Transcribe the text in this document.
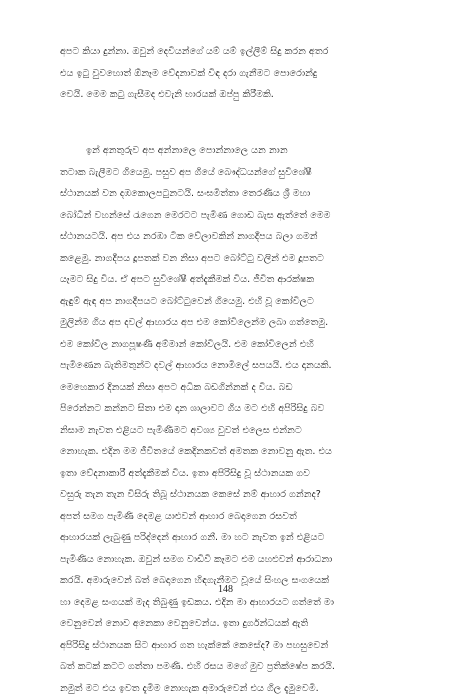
අපට කියා දුන්නා. ඔවුන් දෙවියන්ගේ යම් යම් ඉල්ලීම් සිදු කරන අතර
එය ඉටු වුවහොත් ඕනෑම වේදනාවක් විඳ දරා ගැනීමට පොරොන්දු
වෙයි. මෙම කටු ගැසීමද එවැනි භාරයක් ඔප්පු කිරීමකි.
ඉන් අනතුරුව අප අන්නාලෙ පොන්නාලෙ යන නාන
තටාක බැලීමට ගියෙමු. පසුව අප ගියේ බෞද්ධයන්ගේ සුවිශේෂී
ස්ථානයක් වන දඹකොලපටුනටයි. සංඝමිත්තා තෙරණිය ශ්‍රී මහා
බෝධින් වහන්සේ රැගෙන මෙරටට පැමිණ ගොඩ බැස ඇත්තේ මෙම
ස්ථානයටයි. අප එය නරඹා ටික වේලාවකින් නාගදීපය බලා ගමන්
කළෙමු. නාගදීපය දූපතක් වන නිසා අපට බෝට්ටු වලින් එම දූපතට
යෑමට සිදු විය. ඒ අපට සුවිශේෂී අත්දැකීමක් විය. ජීවිත ආරක්ෂක
ඇඳුම් ඇඳ අප නාගදීපයට බෝට්ටුවෙන් ගියෙමු. එහි වූ කෝවිලට
මුලින්ම ගිය අප දවල් ආහාරය අප එම කෝවිලෙන්ම ලබා ගත්තෙමු.
එම කෝවිල නාගපූෂණී අම්මාන් කෝවිලයි. එම කෝවිලෙන් එහි
පැමිණෙන බැතිමතුන්ට දවල් ආහාරය නොමිලේ සපයයි. එය දානයකි.
මෙහෙකාර දිනයක් නිසා අපට අධික බඩගින්නක් ද විය. බඩ
පිරෙන්නට කන්නට සිතා එම දාන ශාලාවට ගිය මට එහි අපිරිසිදු බව
නිසාම නැවත එළියට පැමිණීමට අවශ්‍ය වුවත් එලෙස එන්නට
නොහැක. එදින මම ජීවිතයේ කෙදිනකවත් අමතක නොවනු ඇත. එය
ඉතා වේදනාකාරී අත්දැකීමක් විය. ඉතා අපිරිසිදු වූ ස්ථානයක ගව
වසුරු තැන තැන විසිරු තිබූ ස්ථානයක කෙසේ නම් ආහාර ගන්නද?
අපත් සමග පැමිණි දෙමළ යාළුවන් ආහාර බෙදාගෙන රසවත්
ආහාරයක් ලැබුණු පරිද්දෙන් ආහාර ගනී. මා හට නැවත ඉන් එළියට
පැමිණිය නොහැක. ඔවුන් සමග වාඩිවී කෑමට එම යහළුවන් ආරාධනා
කරයි. අමාරුවෙන් බත් බෙදාගෙන හිඳගැනීමට වූයේ සිංහල සංගයෙක්
හා දෙමළ සංගයක් මැද තිබුණු ඉඩකය. එදින මා ආහාරයට ගත්තේ මා
වෙනුවෙන් නොව අනෙකා වෙනුවෙන්ය. ඉතා දුර්ගන්ධයක් ඇති
අපිරිසිදු ස්ථානයක සිට ආහාර ගත හැක්කේ කෙසේද? මා පහසුවෙන්
බත් කටක් කටට ගත්තා පමණි. එහි රසය මගේ මුව ප්‍රතික්ෂේප කරයි.
නමුත් මට එය ඉවත දැමීම නොහැක අමාරුවෙන් එය ගිල දැමුවෙමි.
148
